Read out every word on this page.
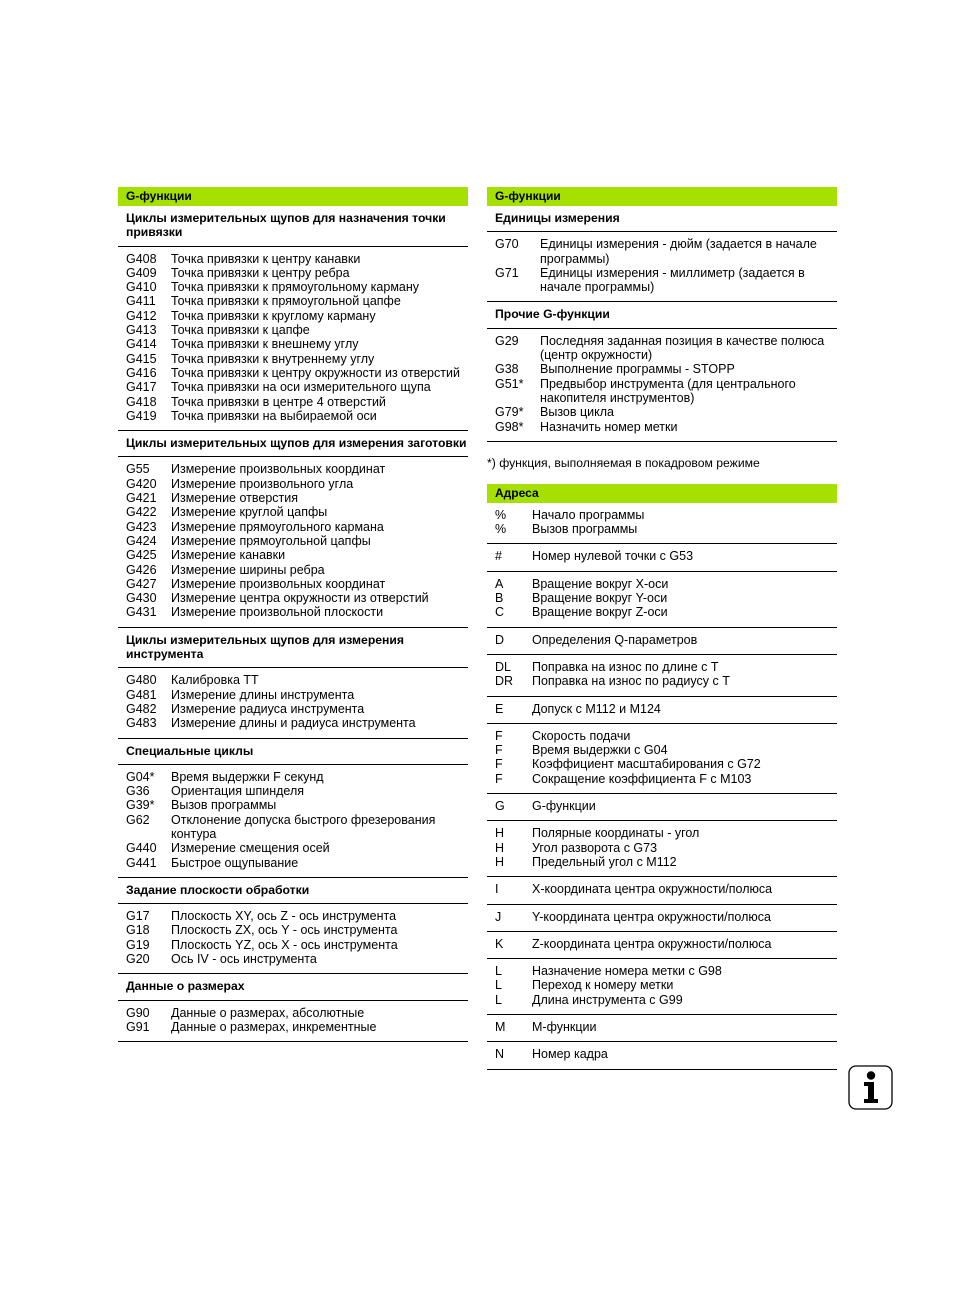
G-функции
Циклы измерительных щупов для назначения точки привязки
G408	Точка привязки к центру канавки
G409	Точка привязки к центру ребра
G410	Точка привязки к прямоугольному карману
G411	Точка привязки к прямоугольной цапфе
G412	Точка привязки к круглому карману
G413	Точка привязки к цапфе
G414	Точка привязки к внешнему углу
G415	Точка привязки к внутреннему углу
G416	Точка привязки к центру окружности из отверстий
G417	Точка привязки на оси измерительного щупа
G418	Точка привязки в центре 4 отверстий
G419	Точка привязки на выбираемой оси
Циклы измерительных щупов для измерения заготовки
G55	Измерение произвольных координат
G420	Измерение произвольного угла
G421	Измерение отверстия
G422	Измерение круглой цапфы
G423	Измерение прямоугольного кармана
G424	Измерение прямоугольной цапфы
G425	Измерение канавки
G426	Измерение ширины ребра
G427	Измерение произвольных координат
G430	Измерение центра окружности из отверстий
G431	Измерение произвольной плоскости
Циклы измерительных щупов для измерения инструмента
G480	Калибровка TT
G481	Измерение длины инструмента
G482	Измерение радиуса инструмента
G483	Измерение длины и радиуса инструмента
Специальные циклы
G04*	Время выдержки F секунд
G36	Ориентация шпинделя
G39*	Вызов программы
G62	Отклонение допуска быстрого фрезерования контура
G440	Измерение смещения осей
G441	Быстрое ощупывание
Задание плоскости обработки
G17	Плоскость XY, ось Z - ось инструмента
G18	Плоскость ZX, ось Y - ось инструмента
G19	Плоскость YZ, ось X - ось инструмента
G20	Ось IV - ось инструмента
Данные о размерах
G90	Данные о размерах, абсолютные
G91	Данные о размерах, инкрементные
G-функции
Единицы измерения
G70	Единицы измерения - дюйм (задается в начале программы)
G71	Единицы измерения - миллиметр (задается в начале программы)
Прочие G-функции
G29	Последняя заданная позиция в качестве полюса (центр окружности)
G38	Выполнение программы - STOPP
G51*	Предвыбор инструмента (для центрального накопителя инструментов)
G79*	Вызов цикла
G98*	Назначить номер метки
*) функция, выполняемая в покадровом режиме
Адреса
%	Начало программы
%	Вызов программы
#	Номер нулевой точки с G53
A	Вращение вокруг X-оси
B	Вращение вокруг Y-оси
C	Вращение вокруг Z-оси
D	Определения Q-параметров
DL	Поправка на износ по длине с T
DR	Поправка на износ по радиусу с T
E	Допуск с M112 и M124
F	Скорость подачи
F	Время выдержки с G04
F	Коэффициент масштабирования с G72
F	Сокращение коэффициента F с M103
G	G-функции
H	Полярные координаты - угол
H	Угол разворота с G73
H	Предельный угол с M112
I	X-координата центра окружности/полюса
J	Y-координата центра окружности/полюса
K	Z-координата центра окружности/полюса
L	Назначение номера метки с G98
L	Переход к номеру метки
L	Длина инструмента с G99
M	M-функции
N	Номер кадра
